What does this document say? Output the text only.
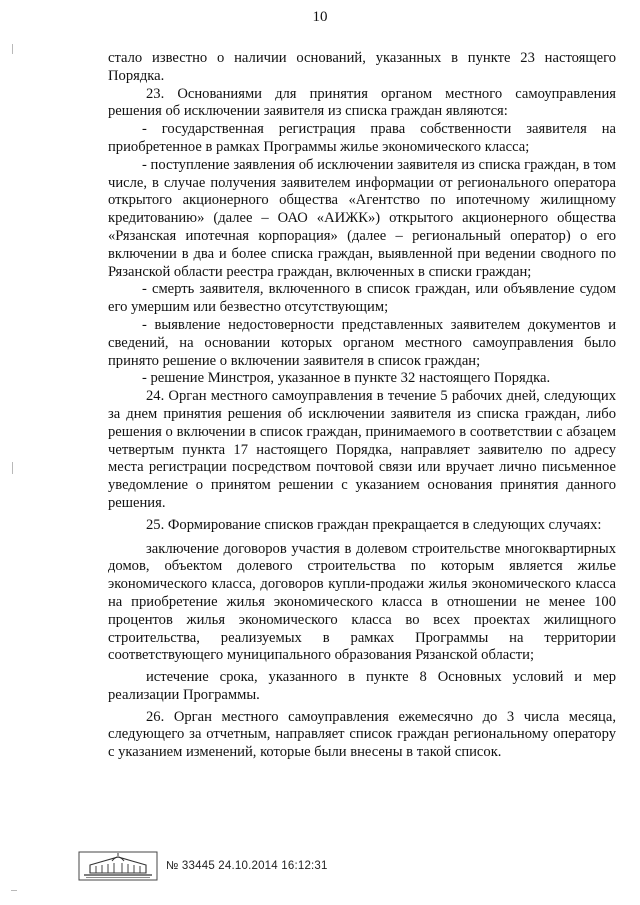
10

стало известно о наличии оснований, указанных в пункте 23 настоящего Порядка.

23. Основаниями для принятия органом местного самоуправления решения об исключении заявителя из списка граждан являются:

- государственная регистрация права собственности заявителя на приобретенное в рамках Программы жилье экономического класса;

- поступление заявления об исключении заявителя из списка граждан, в том числе, в случае получения заявителем информации от регионального оператора открытого акционерного общества «Агентство по ипотечному жилищному кредитованию» (далее – ОАО «АИЖК») открытого акционерного общества «Рязанская ипотечная корпорация» (далее – региональный оператор) о его включении в два и более списка граждан, выявленной при ведении сводного по Рязанской области реестра граждан, включенных в списки граждан;

- смерть заявителя, включенного в список граждан, или объявление судом его умершим или безвестно отсутствующим;

- выявление недостоверности представленных заявителем документов и сведений, на основании которых органом местного самоуправления было принято решение о включении заявителя в список граждан;

- решение Минстроя, указанное в пункте 32 настоящего Порядка.

24. Орган местного самоуправления в течение 5 рабочих дней, следующих за днем принятия решения об исключении заявителя из списка граждан, либо решения о включении в список граждан, принимаемого в соответствии с абзацем четвертым пункта 17 настоящего Порядка, направляет заявителю по адресу места регистрации посредством почтовой связи или вручает лично письменное уведомление о принятом решении с указанием основания принятия данного решения.

25. Формирование списков граждан прекращается в следующих случаях:

заключение договоров участия в долевом строительстве многоквартирных домов, объектом долевого строительства по которым является жилье экономического класса, договоров купли-продажи жилья экономического класса на приобретение жилья экономического класса в отношении не менее 100 процентов жилья экономического класса во всех проектах жилищного строительства, реализуемых в рамках Программы на территории соответствующего муниципального образования Рязанской области;

истечение срока, указанного в пункте 8 Основных условий и мер реализации Программы.

26. Орган местного самоуправления ежемесячно до 3 числа месяца, следующего за отчетным, направляет список граждан региональному оператору с указанием изменений, которые были внесены в такой список.

№ 33445 24.10.2014 16:12:31
